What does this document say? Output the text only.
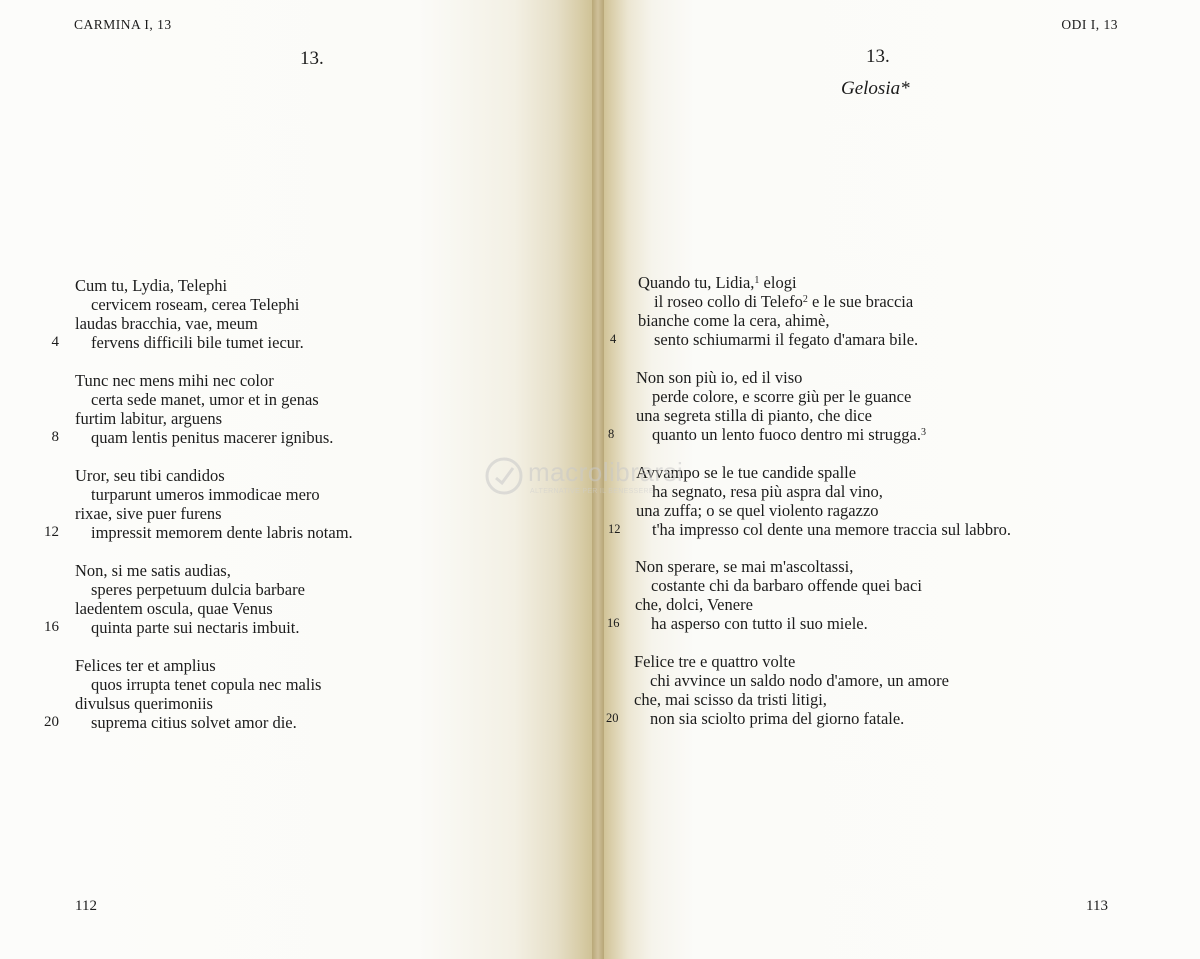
CARMINA I, 13
13.
Cum tu, Lydia, Telephi
cervicem roseam, cerea Telephi
laudas bracchia, vae, meum
4 fervens difficili bile tumet iecur.
Tunc nec mens mihi nec color
certa sede manet, umor et in genas
furtim labitur, arguens
8 quam lentis penitus macerer ignibus.
Uror, seu tibi candidos
turparunt umeros immodicae mero
rixae, sive puer furens
12 impressit memorem dente labris notam.
Non, si me satis audias,
speres perpetuum dulcia barbare
laedentem oscula, quae Venus
16 quinta parte sui nectaris imbuit.
Felices ter et amplius
quos irrupta tenet copula nec malis
divulsus querimoniis
20 suprema citius solvet amor die.
112
ODI I, 13
13.
Gelosia*
Quando tu, Lidia,$^1$ elogi
il roseo collo di Telefo$^2$ e le sue braccia
bianche come la cera, ahimè,
4 sento schiumarmi il fegato d'amara bile.
Non son più io, ed il viso
perde colore, e scorre giù per le guance
una segreta stilla di pianto, che dice
8 quanto un lento fuoco dentro mi strugga.$^3$
Avvampo se le tue candide spalle
ha segnato, resa più aspra dal vino,
una zuffa; o se quel violento ragazzo
12 t'ha impresso col dente una memore traccia sul labbro.
Non sperare, se mai m'ascoltassi,
costante chi da barbaro offende quei baci
che, dolci, Venere
16 ha asperso con tutto il suo miele.
Felice tre e quattro volte
chi avvince un saldo nodo d'amore, un amore
che, mai scisso da tristi litigi,
20 non sia sciolto prima del giorno fatale.
113
macrolibrarsi
ALTERNATIVE PER IL BENESSERE
